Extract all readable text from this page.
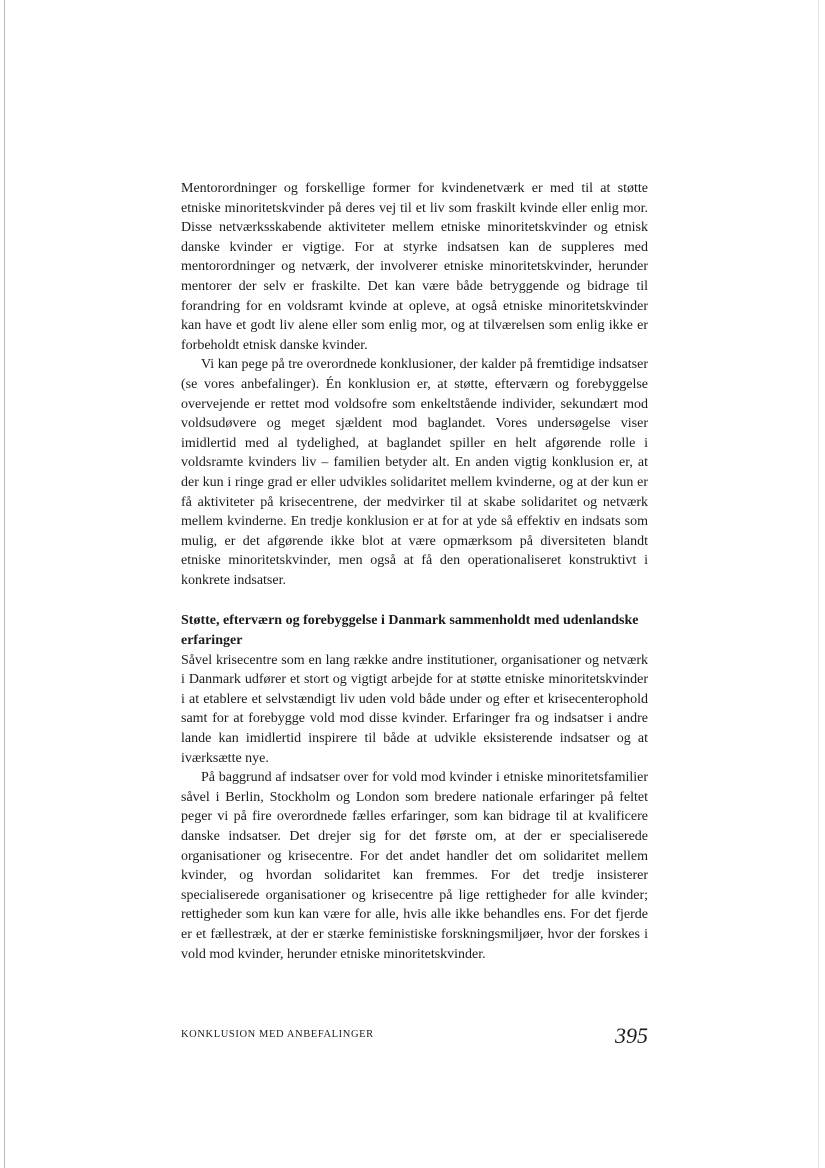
Mentorordninger og forskellige former for kvindenetværk er med til at støtte etniske minoritetskvinder på deres vej til et liv som fraskilt kvinde eller enlig mor. Disse netværksskabende aktiviteter mellem etniske minoritetskvinder og etnisk danske kvinder er vigtige. For at styrke indsatsen kan de suppleres med mentorordninger og netværk, der involverer etniske minoritetskvinder, herunder mentorer der selv er fraskilte. Det kan være både betryggende og bidrage til forandring for en voldsramt kvinde at opleve, at også etniske minoritetskvinder kan have et godt liv alene eller som enlig mor, og at tilværelsen som enlig ikke er forbeholdt etnisk danske kvinder.

Vi kan pege på tre overordnede konklusioner, der kalder på fremtidige indsatser (se vores anbefalinger). Én konklusion er, at støtte, efterværn og forebyggelse overvejende er rettet mod voldsofre som enkeltstående individer, sekundært mod voldsudøvere og meget sjældent mod baglandet. Vores undersøgelse viser imidlertid med al tydelighed, at baglandet spiller en helt afgørende rolle i voldsramte kvinders liv – familien betyder alt. En anden vigtig konklusion er, at der kun i ringe grad er eller udvikles solidaritet mellem kvinderne, og at der kun er få aktiviteter på krisecentrene, der medvirker til at skabe solidaritet og netværk mellem kvinderne. En tredje konklusion er at for at yde så effektiv en indsats som mulig, er det afgørende ikke blot at være opmærksom på diversiteten blandt etniske minoritetskvinder, men også at få den operationaliseret konstruktivt i konkrete indsatser.

Støtte, efterværn og forebyggelse i Danmark sammenholdt med udenlandske erfaringer

Såvel krisecentre som en lang række andre institutioner, organisationer og netværk i Danmark udfører et stort og vigtigt arbejde for at støtte etniske minoritetskvinder i at etablere et selvstændigt liv uden vold både under og efter et krisecenterophold samt for at forebygge vold mod disse kvinder. Erfaringer fra og indsatser i andre lande kan imidlertid inspirere til både at udvikle eksisterende indsatser og at iværksætte nye.

På baggrund af indsatser over for vold mod kvinder i etniske minoritetsfamilier såvel i Berlin, Stockholm og London som bredere nationale erfaringer på feltet peger vi på fire overordnede fælles erfaringer, som kan bidrage til at kvalificere danske indsatser. Det drejer sig for det første om, at der er specialiserede organisationer og krisecentre. For det andet handler det om solidaritet mellem kvinder, og hvordan solidaritet kan fremmes. For det tredje insisterer specialiserede organisationer og krisecentre på lige rettigheder for alle kvinder; rettigheder som kun kan være for alle, hvis alle ikke behandles ens. For det fjerde er et fællestræk, at der er stærke feministiske forskningsmiljøer, hvor der forskes i vold mod kvinder, herunder etniske minoritetskvinder.

KONKLUSION MED ANBEFALINGER	395
